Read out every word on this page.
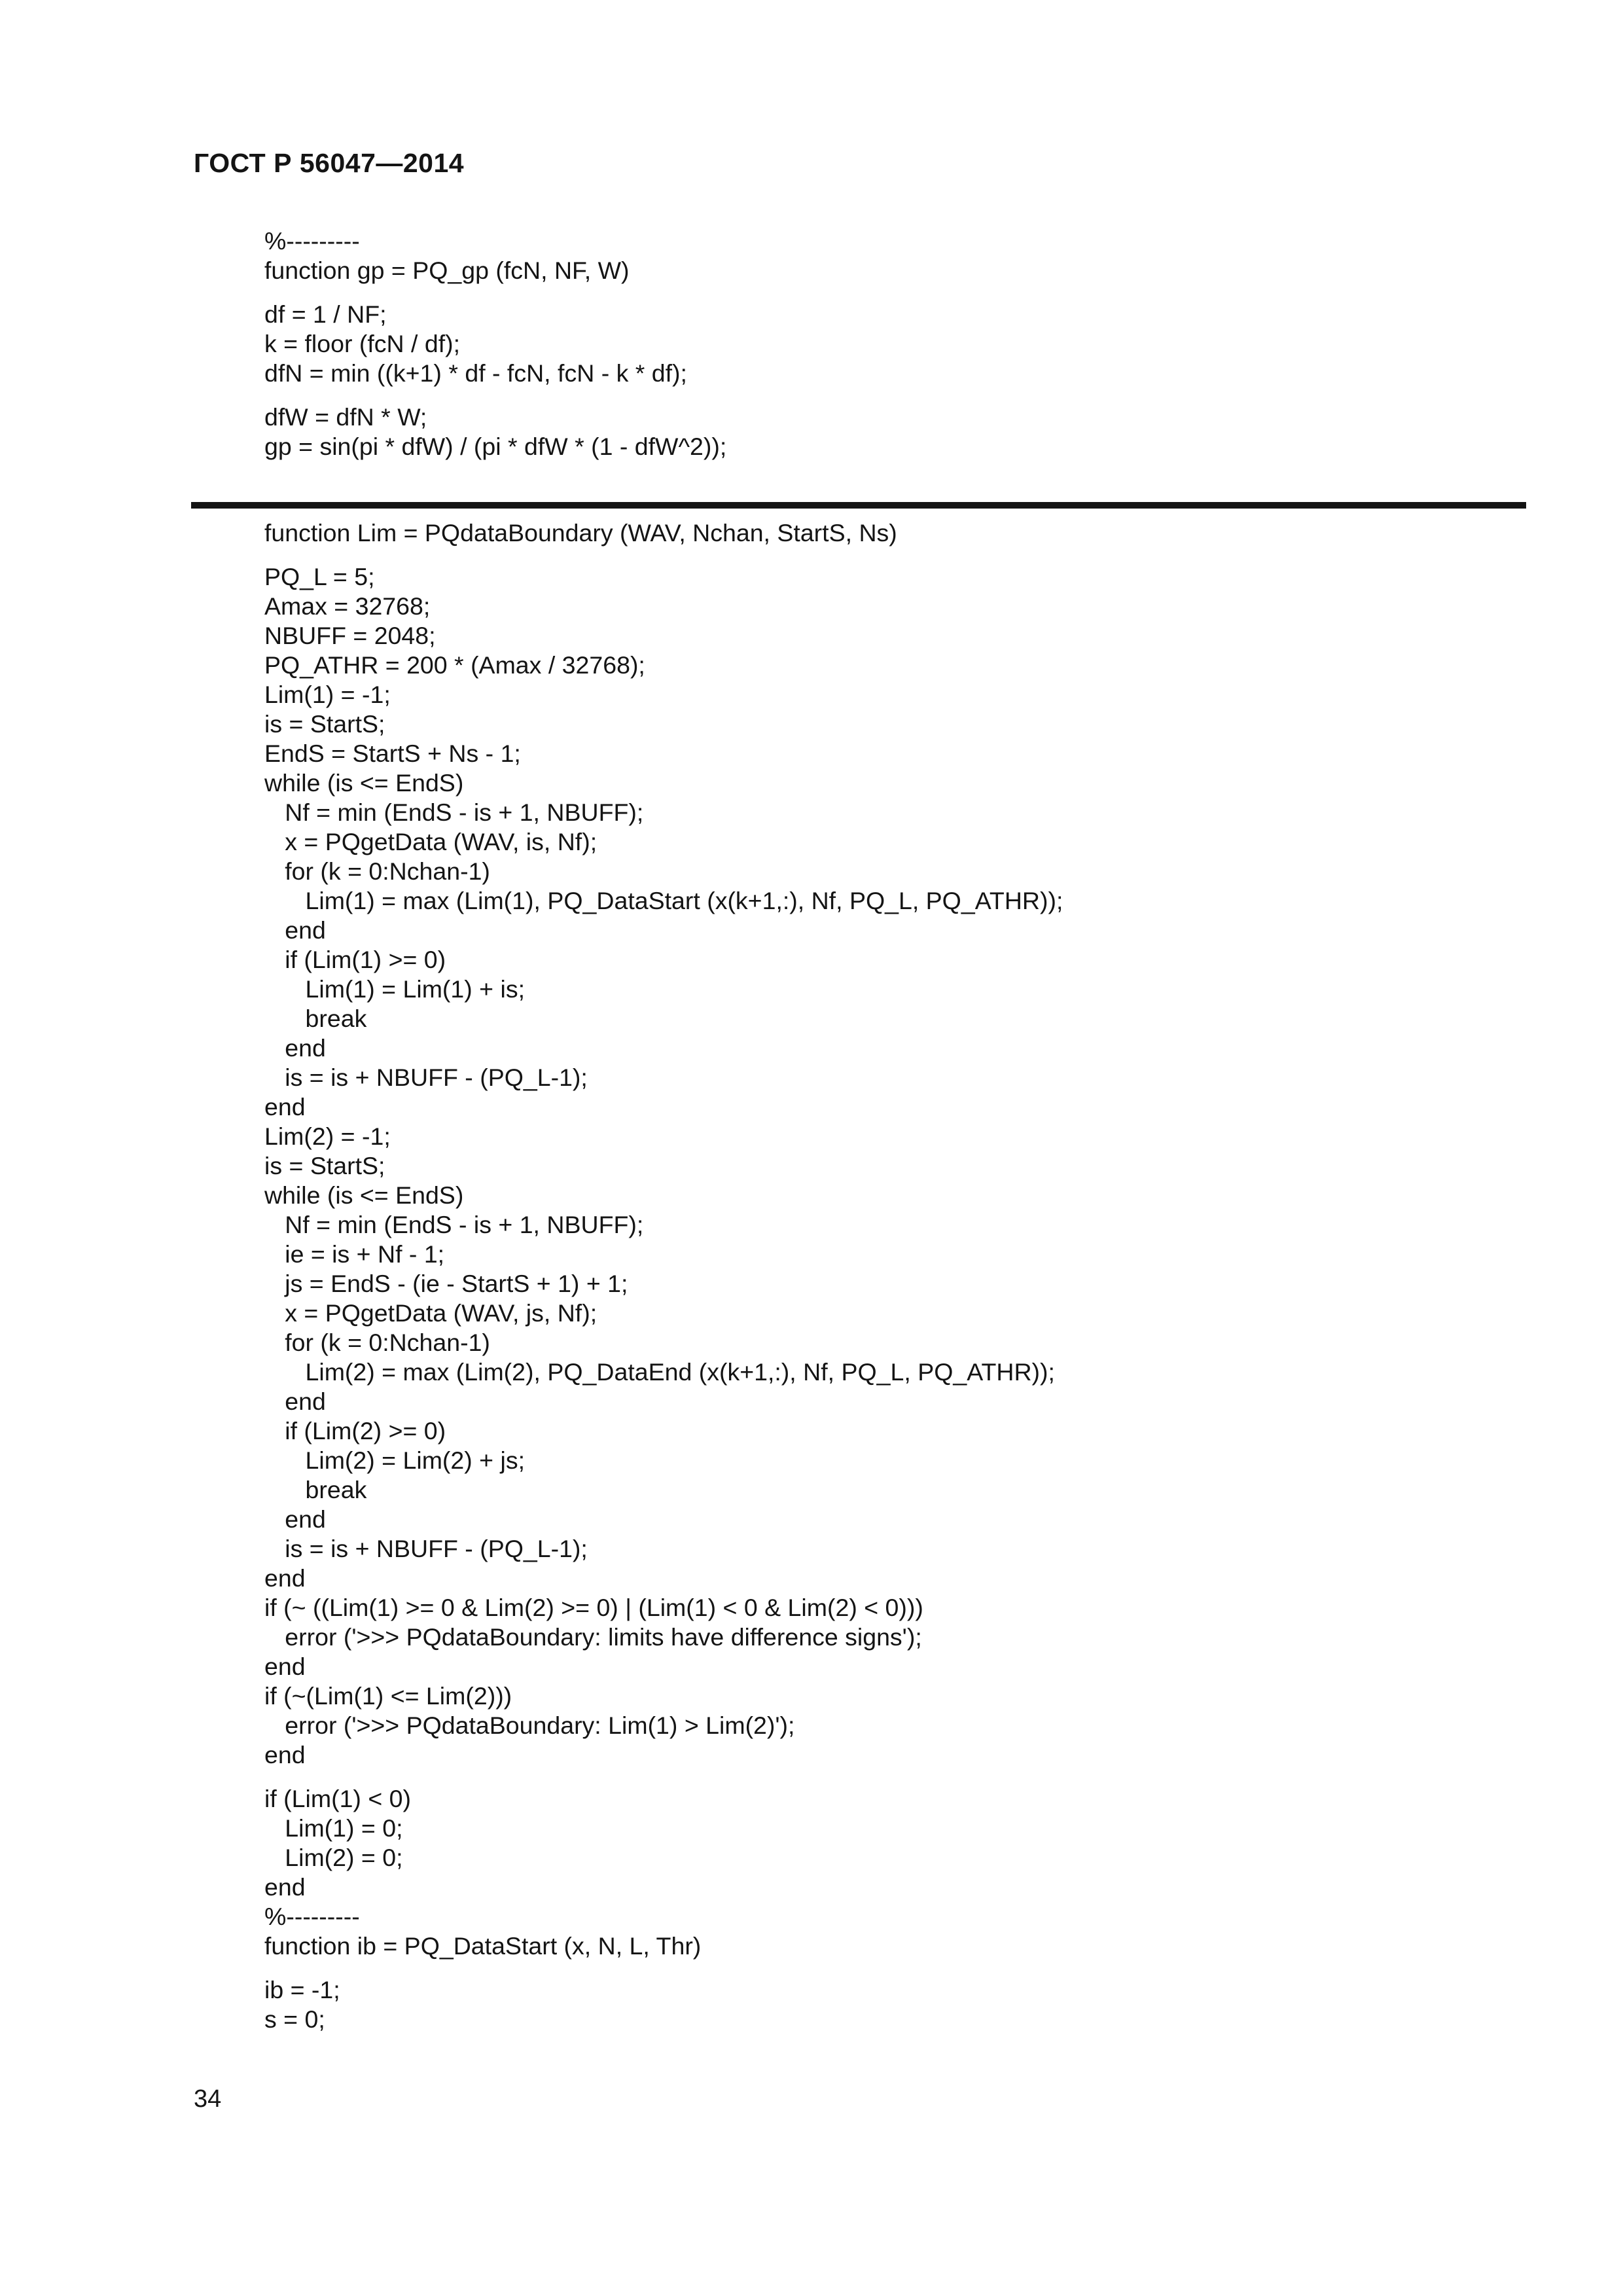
ГОСТ Р 56047—2014
%---------
function gp = PQ_gp (fcN, NF, W)
df = 1 / NF;
k = floor (fcN / df);
dfN = min ((k+1) * df - fcN, fcN - k * df);
dfW = dfN * W;
gp = sin(pi * dfW) / (pi * dfW * (1 - dfW^2));
function Lim = PQdataBoundary (WAV, Nchan, StartS, Ns)
PQ_L = 5;
Amax = 32768;
NBUFF = 2048;
PQ_ATHR = 200 * (Amax / 32768);
Lim(1) = -1;
is = StartS;
EndS = StartS + Ns - 1;
while (is <= EndS)
Nf = min (EndS - is + 1, NBUFF);
x = PQgetData (WAV, is, Nf);
for (k = 0:Nchan-1)
Lim(1) = max (Lim(1), PQ_DataStart (x(k+1,:), Nf, PQ_L, PQ_ATHR));
end
if (Lim(1) >= 0)
Lim(1) = Lim(1) + is;
break
end
is = is + NBUFF - (PQ_L-1);
end
Lim(2) = -1;
is = StartS;
while (is <= EndS)
Nf = min (EndS - is + 1, NBUFF);
ie = is + Nf - 1;
js = EndS - (ie - StartS + 1) + 1;
x = PQgetData (WAV, js, Nf);
for (k = 0:Nchan-1)
Lim(2) = max (Lim(2), PQ_DataEnd (x(k+1,:), Nf, PQ_L, PQ_ATHR));
end
if (Lim(2) >= 0)
Lim(2) = Lim(2) + js;
break
end
is = is + NBUFF - (PQ_L-1);
end
if (~ ((Lim(1) >= 0 & Lim(2) >= 0) | (Lim(1) < 0 & Lim(2) < 0)))
error ('>>> PQdataBoundary: limits have difference signs');
end
if (~(Lim(1) <= Lim(2)))
error ('>>> PQdataBoundary: Lim(1) > Lim(2)');
end
if (Lim(1) < 0)
Lim(1) = 0;
Lim(2) = 0;
end
%---------
function ib = PQ_DataStart (x, N, L, Thr)
ib = -1;
s = 0;
34
